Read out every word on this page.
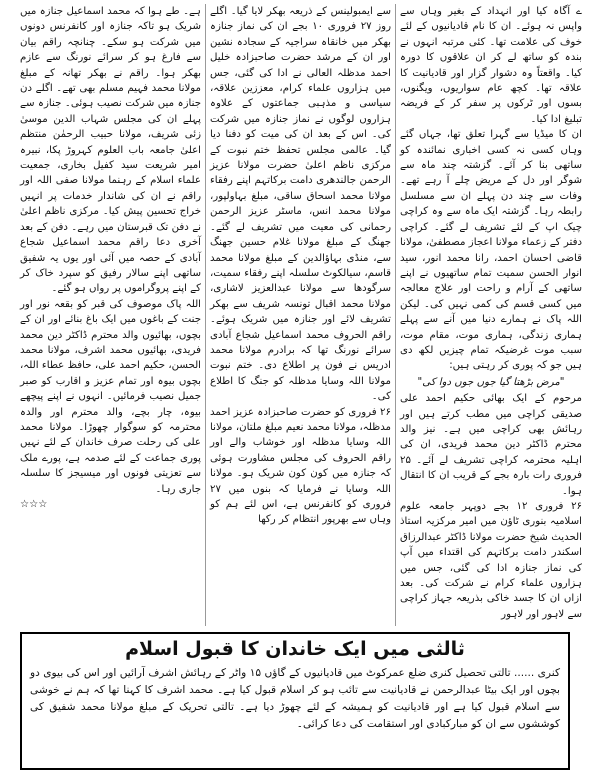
ے آگاہ کیا اور انہداد کے بغیر وہاں سے واپس نہ ہوئے۔ ان کا نام قادیانیوں کے لئے خوف کی علامت تھا۔ کئی مرتبہ انہوں نے بندہ کو ساتھ لے کر ان علاقوں کا دورہ کیا۔ واقعتاً وہ دشوار گزار اور قادیانیت کا علاقہ تھا۔ کچھ عام سواریوں، ویگنوں، بسوں اور ٹرکوں پر سفر کر کے فریضہ تبلیغ ادا کیا۔

ان کا میڈیا سے گہرا تعلق تھا، جہاں گئے وہاں کسی نہ کسی اخباری نمائندہ کو ساتھی بنا کر آئے۔ گزشتہ چند ماہ سے شوگر اور دل کے مریض چلے آ رہے تھے۔ وفات سے چند دن پہلے ان سے مسلسل رابطہ رہا۔ گزشتہ ایک ماہ سے وہ کراچی چیک اپ کے لئے تشریف لے گئے۔ کراچی دفتر کے زعماء مولانا اعجاز مصطفیٰ، مولانا قاضی احسان احمد، رانا محمد انور، سید انوار الحسن سمیت تمام ساتھیوں نے اپنے ساتھی کے آرام و راحت اور علاج معالجہ میں کسی قسم کی کمی نہیں کی۔ لیکن اللہ پاک نے ہمارے دنیا میں آنے سے پہلے ہماری زندگی، ہماری موت، مقام موت، سبب موت غرضیکہ تمام چیزیں لکھ دی ہیں جو کہ پوری کر رہتی ہیں:

"مرض بڑھتا گیا جوں جوں دوا کی"

مرحوم کے ایک بھائی حکیم احمد علی صدیقی کراچی میں مطب کرتے ہیں اور رہائش بھی کراچی میں ہے۔ نیز والد محترم ڈاکٹر دین محمد فریدی، ان کی اہلیہ محترمہ کراچی تشریف لے آئے۔ ۲۵ فروری رات بارہ بجے کے قریب ان کا انتقال ہوا۔

۲۶ فروری ۱۲ بجے دوپہر جامعہ علوم اسلامیہ بنوری ٹاؤن میں امیر مرکزیہ استاذ الحدیث شیخ حضرت مولانا ڈاکٹر عبدالرزاق اسکندر دامت برکاتہم کی اقتداء میں آپ کی نماز جنازہ ادا کی گئی، جس میں ہزاروں علماء کرام نے شرکت کی۔ بعد ازاں ان کا جسد خاکی بذریعہ جہاز کراچی سے لاہور اور لاہور

سے ایمبولینس کے ذریعہ بھکر لایا گیا۔ اگلے روز ۲۷ فروری ۱۰ بجے ان کی نماز جنازہ بھکر میں خانقاہ سراجیہ کے سجادہ نشین اور ان کے مرشد حضرت صاحبزادہ خلیل احمد مدظلہ العالی نے ادا کی گئی، جس میں ہزاروں علماء کرام، معززین علاقہ، سیاسی و مذہبی جماعتوں کے علاوہ ہزاروں لوگوں نے نماز جنازہ میں شرکت کی۔ اس کے بعد ان کی میت کو دفنا دیا گیا۔ عالمی مجلس تحفظ ختم نبوت کے مرکزی ناظم اعلیٰ حضرت مولانا عزیز الرحمن جالندھری دامت برکاتہم اپنے رفقاء مولانا محمد اسحاق ساقی، مبلغ بہاولپور، مولانا محمد انس، ماسٹر عزیز الرحمن رحمانی کی معیت میں تشریف لے گئے۔ جھنگ کے مبلغ مولانا غلام حسین جھنگ سے، منڈی بہاؤالدین کے مبلغ مولانا محمد قاسم، سیالکوٹ سلسلہ اپنے رفقاء سمیت، سرگودھا سے مولانا عبدالعزیز لاشاری، مولانا محمد اقبال تونسہ شریف سے بھکر تشریف لائے اور جنازہ میں شریک ہوئے۔ راقم الحروف محمد اسماعیل شجاع آبادی سرائے نورنگ تھا کہ برادرم مولانا محمد ادریس نے فون پر اطلاع دی۔ ختم نبوت مولانا اللہ وسایا مدظلہ کو جنگ کا اطلاع کی۔

۲۶ فروری کو حضرت صاحبزادہ عزیز احمد مدظلہ، مولانا محمد نعیم مبلغ ملتان، مولانا اللہ وسایا مدظلہ اور خوشاب والے اور راقم الحروف کی مجلس مشاورت ہوئی کہ جنازہ میں کون کون شریک ہو۔ مولانا اللہ وسایا نے فرمایا کہ بنوں میں ۲۷ فروری کو کانفرنس ہے، اس لئے ہم کو وہاں سے بھرپور انتظام کر رکھا

ہے۔ طے ہوا کہ محمد اسماعیل جنازہ میں شریک ہو تاکہ جنازہ اور کانفرنس دونوں میں شرکت ہو سکے۔ چنانچہ راقم بیان سے فارغ ہو کر سرائے نورنگ سے عازم بھکر ہوا۔ راقم نے بھکر تھانہ کے مبلغ مولانا محمد فہیم مسلم بھی تھے۔ اگلے دن جنازہ میں شرکت نصیب ہوئی۔ جنازہ سے پہلے ان کی مجلس شہاب الدین موسیٰ زئی شریف، مولانا حبیب الرحمٰن منتظم اعلیٰ جامعہ باب العلوم کہروڑ پکا، نبیرہ امیر شریعت سید کفیل بخاری، جمعیت علماء اسلام کے رہنما مولانا صفی اللہ اور راقم نے ان کی شاندار خدمات پر انہیں خراج تحسین پیش کیا۔ مرکزی ناظم اعلیٰ نے دفن تک قبرستان میں رہے۔ دفن کے بعد آخری دعا راقم محمد اسماعیل شجاع آبادی کے حصہ میں آئی اور یوں یہ شفیق ساتھی اپنے سالار رفیق کو سپرد خاک کر کے اپنے پروگراموں پر رواں ہو گئے۔

اللہ پاک موصوف کی قبر کو بقعہ نور اور جنت کے باغوں میں ایک باغ بنائے اور ان کے بچوں، بھائیوں والد محترم ڈاکٹر دین محمد فریدی، بھائیوں محمد اشرف، مولانا محمد الحسن، حکیم احمد علی، حافظ عطاء اللہ، بچوں بیوہ اور تمام عزیز و اقارب کو صبر جمیل نصیب فرمائیں۔ انہوں نے اپنے پیچھے بیوہ، چار بچے، والد محترم اور والدہ محترمہ کو سوگوار چھوڑا۔ مولانا محمد علی کی رحلت صرف خاندان کے لئے نہیں پوری جماعت کے لئے صدمہ ہے، پورے ملک سے تعزیتی فونوں اور میسیجز کا سلسلہ جاری رہا۔

☆☆☆

ثالثی میں ایک خاندان کا قبول اسلام

کنری ...... تالتی تحصیل کنری ضلع عمرکوٹ میں قادیانیوں کے گاؤں ۱۵ واٹر کے رہائش اشرف آرائیں اور اس کی بیوی دو بچوں اور ایک بیٹا عبدالرحمن نے قادیانیت سے تائب ہو کر اسلام قبول کیا ہے۔ محمد اشرف کا کہنا تھا کہ ہم نے خوشی سے اسلام قبول کیا ہے اور قادیانیت کو ہمیشہ کے لئے چھوڑ دیا ہے۔ تالتی تحریک کے مبلغ مولانا محمد شفیق کی کوششوں سے ان کو مبارکبادی اور استقامت کی دعا کرائی۔
